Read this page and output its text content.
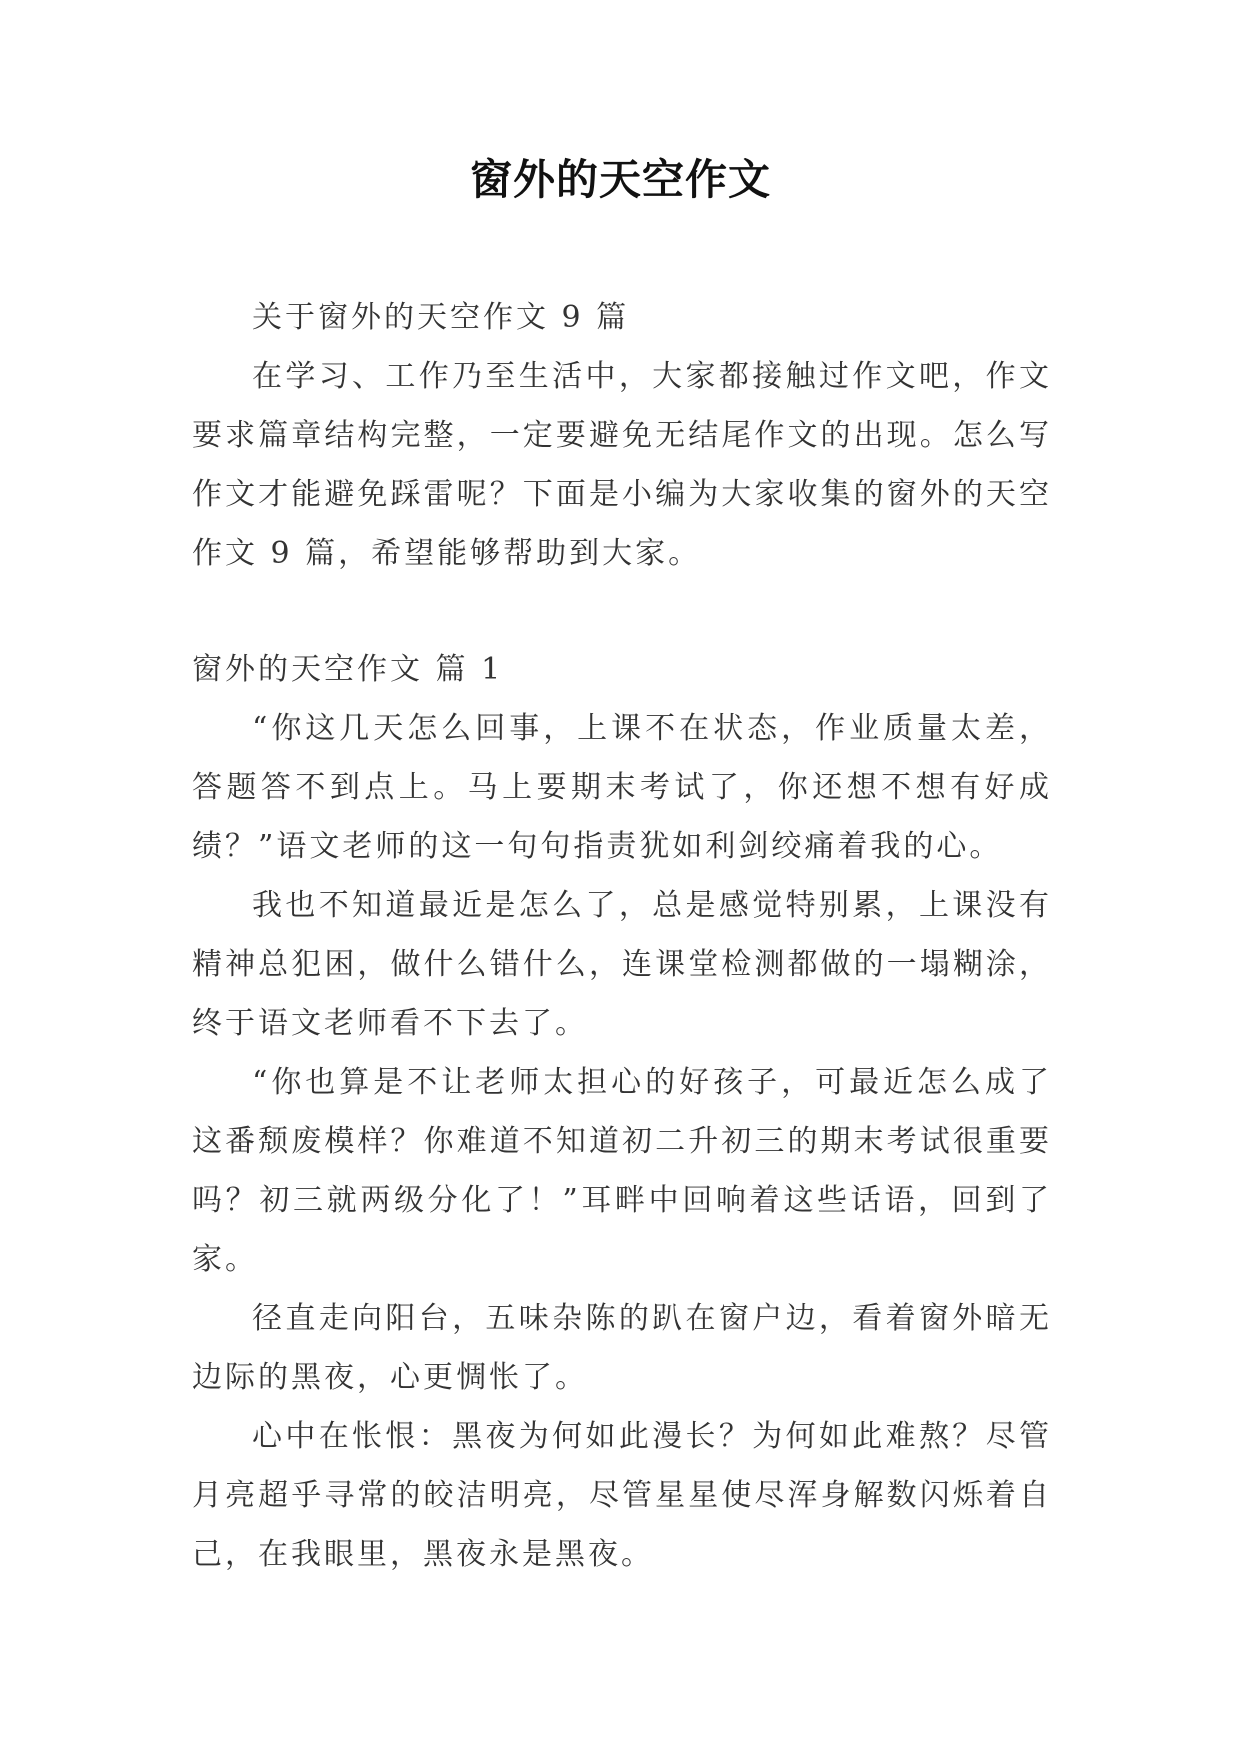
窗外的天空作文

关于窗外的天空作文 9 篇

在学习、工作乃至生活中，大家都接触过作文吧，作文要求篇章结构完整，一定要避免无结尾作文的出现。怎么写作文才能避免踩雷呢？下面是小编为大家收集的窗外的天空作文 9 篇，希望能够帮助到大家。

窗外的天空作文 篇 1

“你这几天怎么回事，上课不在状态，作业质量太差，答题答不到点上。马上要期末考试了，你还想不想有好成绩？”语文老师的这一句句指责犹如利剑绞痛着我的心。

我也不知道最近是怎么了，总是感觉特别累，上课没有精神总犯困，做什么错什么，连课堂检测都做的一塌糊涂，终于语文老师看不下去了。

“你也算是不让老师太担心的好孩子，可最近怎么成了这番颓废模样？你难道不知道初二升初三的期末考试很重要吗？初三就两级分化了！”耳畔中回响着这些话语，回到了家。

径直走向阳台，五味杂陈的趴在窗户边，看着窗外暗无边际的黑夜，心更惆怅了。

心中在怅恨：黑夜为何如此漫长？为何如此难熬？尽管月亮超乎寻常的皎洁明亮，尽管星星使尽浑身解数闪烁着自己，在我眼里，黑夜永是黑夜。
